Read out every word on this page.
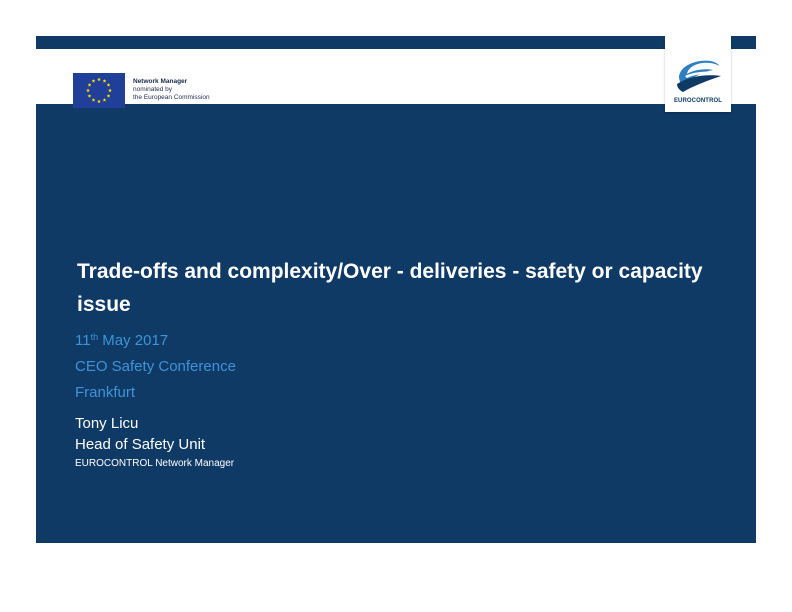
Network Manager
nominated by
the European Commission	EUROCONTROL
Trade-offs and complexity/Over - deliveries - safety or capacity issue
11th May 2017
CEO Safety Conference
Frankfurt
Tony Licu
Head of Safety Unit
EUROCONTROL Network Manager
